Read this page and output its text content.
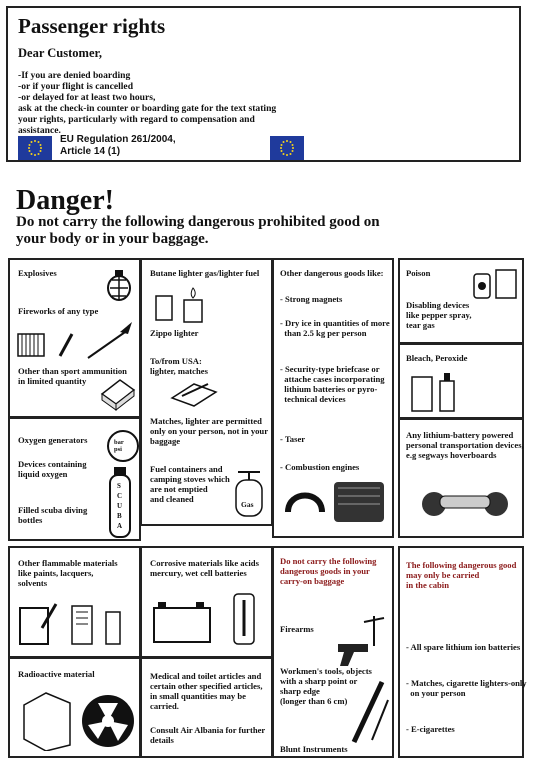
Passenger rights
Dear Customer,
-If you are denied boarding
-or if your flight is cancelled
-or delayed for at least two hours,
ask at the check-in counter or boarding gate for the text stating
your rights, particularly with regard to compensation and
assistance.
EU Regulation 261/2004,
Article 14 (1)
Danger!
Do not carry the following dangerous prohibited good on your body or in your baggage.
Explosives
Fireworks of any type
Other than sport ammunition
in limited quantity
Butane lighter gas/lighter fuel
Zippo lighter
To/from USA:
lighter, matches
Matches, lighter are permitted
only on your person, not in your
baggage
Fuel containers and
camping stoves which
are not emptied
and cleaned
Gas
Other dangerous goods like:
- Strong magnets
- Dry ice in quantities of more
than 2.5 kg per person
- Security-type briefcase or
attache cases incorporating
lithium batteries or pyro-
technical devices
- Taser
- Combustion engines
Poison
Disabling devices
like pepper spray,
tear gas
Bleach, Peroxide
Any lithium-battery powered
personal transportation devices,
e.g segways hoverboards
Oxygen generators	bar
psi
Devices containing
liquid oxygen
SCUBA
Filled scuba diving
bottles
Other flammable materials
like paints, lacquers,
solvents
Corrosive materials like acids
mercury, wet cell batteries
Do not carry the following
dangerous goods in your
carry-on baggage
Firearms
Workmen's tools, objects
with a sharp point or
sharp edge
(longer than 6 cm)
Blunt Instruments
The following dangerous good
may only be carried
in the cabin
- All spare lithium ion batteries
- Matches, cigarette lighters-only
on your person
- E-cigarettes
Radioactive material	Medical and toilet articles and
certain other specified articles,
in small quantities may be
carried.
Consult Air Albania for further
details
